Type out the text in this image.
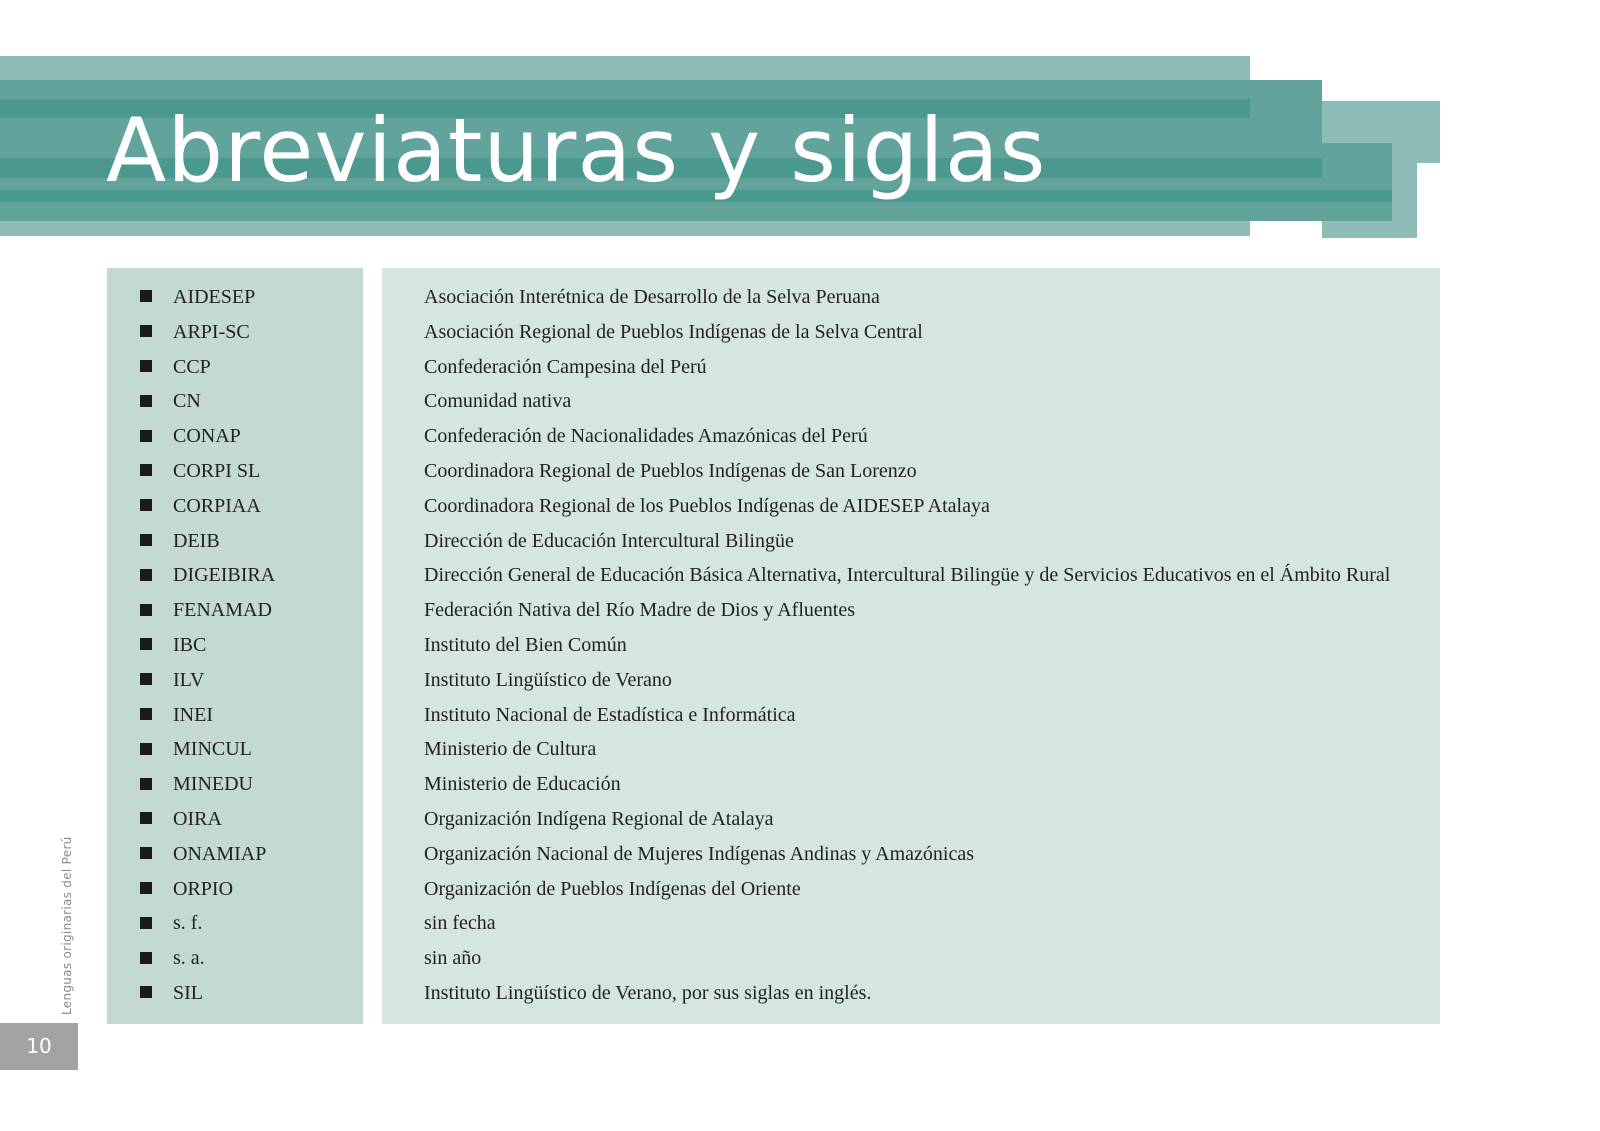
Abreviaturas y siglas
AIDESEP
ARPI-SC
CCP
CN
CONAP
CORPI SL
CORPIAA
DEIB
DIGEIBIRA
FENAMAD
IBC
ILV
INEI
MINCUL
MINEDU
OIRA
ONAMIAP
ORPIO
s. f.
s. a.
SIL
Asociación Interétnica de Desarrollo de la Selva Peruana
Asociación Regional de Pueblos Indígenas de la Selva Central
Confederación Campesina del Perú
Comunidad nativa
Confederación de Nacionalidades Amazónicas del Perú
Coordinadora Regional de Pueblos Indígenas de San Lorenzo
Coordinadora Regional de los Pueblos Indígenas de AIDESEP Atalaya
Dirección de Educación Intercultural Bilingüe
Dirección General de Educación Básica Alternativa, Intercultural Bilingüe y de Servicios Educativos en el Ámbito Rural
Federación Nativa del Río Madre de Dios y Afluentes
Instituto del Bien Común
Instituto Lingüístico de Verano
Instituto Nacional de Estadística e Informática
Ministerio de Cultura
Ministerio de Educación
Organización Indígena Regional de Atalaya
Organización Nacional de Mujeres Indígenas Andinas y Amazónicas
Organización de Pueblos Indígenas del Oriente
sin fecha
sin año
Instituto Lingüístico de Verano, por sus siglas en inglés.
Lenguas originarias del Perú
10
